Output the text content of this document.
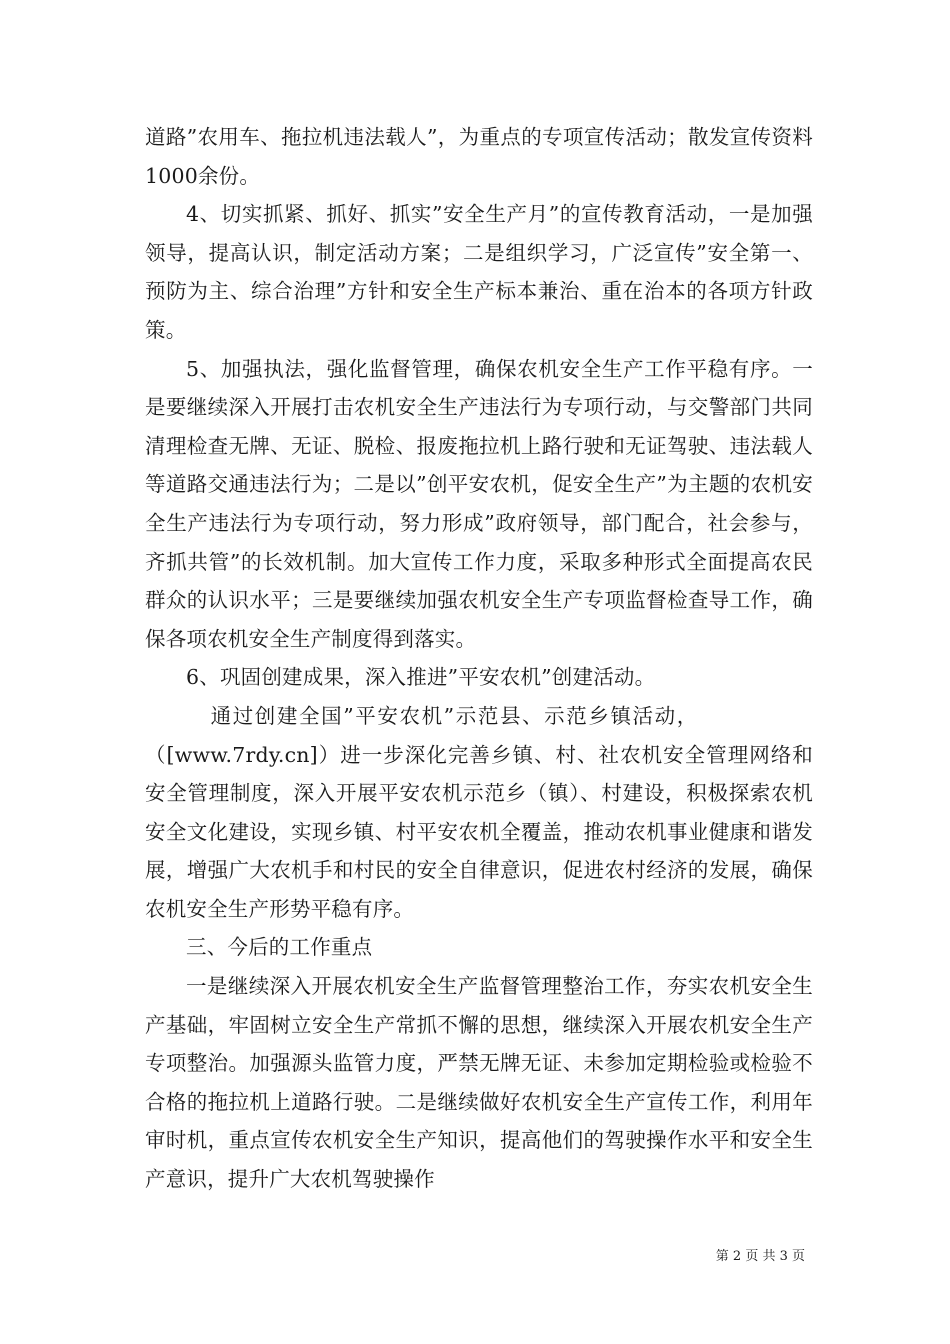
道路”农用车、拖拉机违法载人”，为重点的专项宣传活动；散发宣传资料1000余份。

4、切实抓紧、抓好、抓实”安全生产月”的宣传教育活动，一是加强领导，提高认识，制定活动方案；二是组织学习，广泛宣传”安全第一、预防为主、综合治理”方针和安全生产标本兼治、重在治本的各项方针政策。

5、加强执法，强化监督管理，确保农机安全生产工作平稳有序。一是要继续深入开展打击农机安全生产违法行为专项行动，与交警部门共同清理检查无牌、无证、脱检、报废拖拉机上路行驶和无证驾驶、违法载人等道路交通违法行为；二是以”创平安农机，促安全生产”为主题的农机安全生产违法行为专项行动，努力形成”政府领导，部门配合，社会参与，齐抓共管”的长效机制。加大宣传工作力度，采取多种形式全面提高农民群众的认识水平；三是要继续加强农机安全生产专项监督检查导工作，确保各项农机安全生产制度得到落实。

6、巩固创建成果，深入推进”平安农机”创建活动。

通过创建全国”平安农机”示范县、示范乡镇活动，

（[www.7rdy.cn]）进一步深化完善乡镇、村、社农机安全管理网络和安全管理制度，深入开展平安农机示范乡（镇）、村建设，积极探索农机安全文化建设，实现乡镇、村平安农机全覆盖，推动农机事业健康和谐发展，增强广大农机手和村民的安全自律意识，促进农村经济的发展，确保农机安全生产形势平稳有序。

三、今后的工作重点

一是继续深入开展农机安全生产监督管理整治工作，夯实农机安全生产基础，牢固树立安全生产常抓不懈的思想，继续深入开展农机安全生产专项整治。加强源头监管力度，严禁无牌无证、未参加定期检验或检验不合格的拖拉机上道路行驶。二是继续做好农机安全生产宣传工作，利用年审时机，重点宣传农机安全生产知识，提高他们的驾驶操作水平和安全生产意识，提升广大农机驾驶操作

第 2 页 共 3 页
